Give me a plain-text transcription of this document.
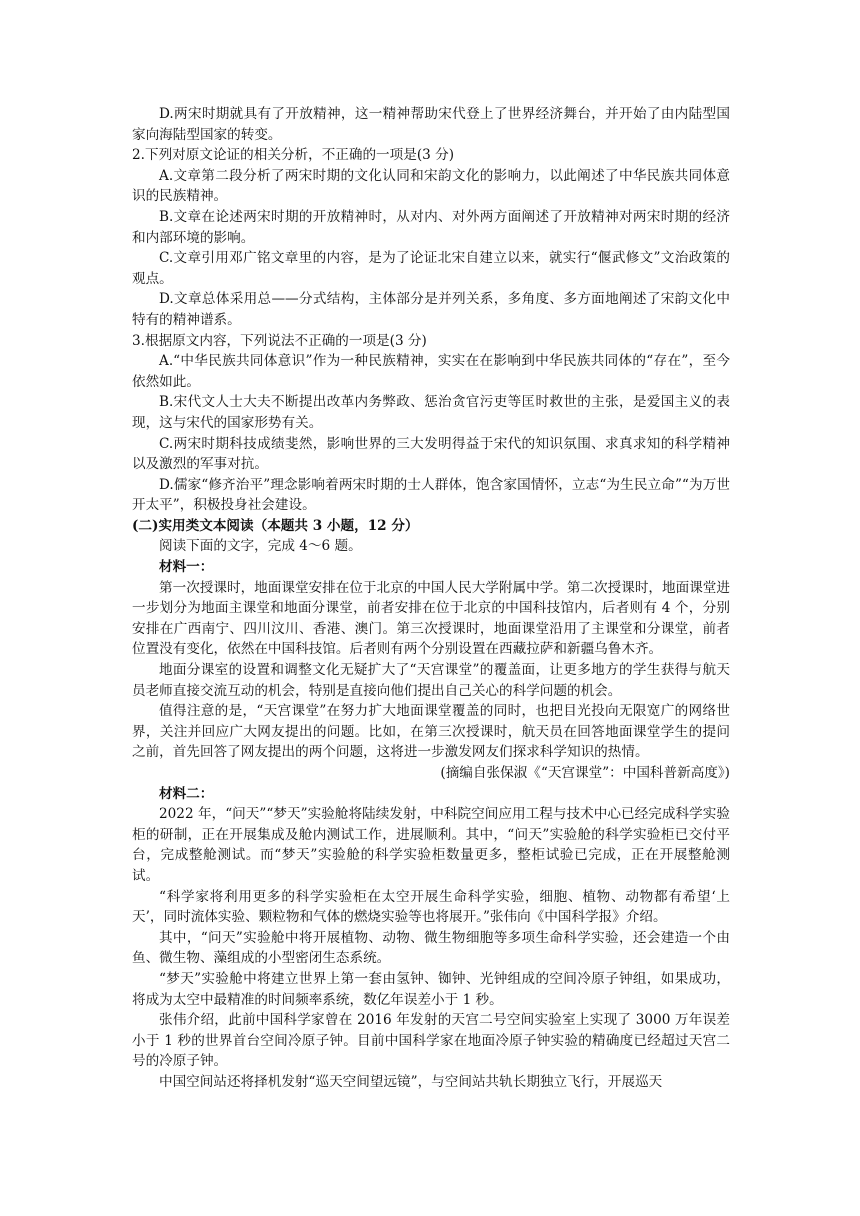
D.两宋时期就具有了开放精神，这一精神帮助宋代登上了世界经济舞台，并开始了由内陆型国家向海陆型国家的转变。

2.下列对原文论证的相关分析，不正确的一项是(3 分)

A.文章第二段分析了两宋时期的文化认同和宋韵文化的影响力，以此阐述了中华民族共同体意识的民族精神。

B.文章在论述两宋时期的开放精神时，从对内、对外两方面阐述了开放精神对两宋时期的经济和内部环境的影响。

C.文章引用邓广铭文章里的内容，是为了论证北宋自建立以来，就实行“偃武修文”文治政策的观点。

D.文章总体采用总——分式结构，主体部分是并列关系，多角度、多方面地阐述了宋韵文化中特有的精神谱系。

3.根据原文内容，下列说法不正确的一项是(3 分)

A.“中华民族共同体意识”作为一种民族精神，实实在在影响到中华民族共同体的“存在”，至今依然如此。

B.宋代文人士大夫不断提出改革内务弊政、惩治贪官污吏等匡时救世的主张，是爱国主义的表现，这与宋代的国家形势有关。

C.两宋时期科技成绩斐然，影响世界的三大发明得益于宋代的知识氛围、求真求知的科学精神以及激烈的军事对抗。

D.儒家“修齐治平”理念影响着两宋时期的士人群体，饱含家国情怀，立志“为生民立命”“为万世开太平”，积极投身社会建设。

(二)实用类文本阅读（本题共 3 小题，12 分）

阅读下面的文字，完成 4～6 题。

材料一：

第一次授课时，地面课堂安排在位于北京的中国人民大学附属中学。第二次授课时，地面课堂进一步划分为地面主课堂和地面分课堂，前者安排在位于北京的中国科技馆内，后者则有 4 个，分别安排在广西南宁、四川汶川、香港、澳门。第三次授课时，地面课堂沿用了主课堂和分课堂，前者位置没有变化，依然在中国科技馆。后者则有两个分别设置在西藏拉萨和新疆乌鲁木齐。

地面分课室的设置和调整文化无疑扩大了“天宫课堂”的覆盖面，让更多地方的学生获得与航天员老师直接交流互动的机会，特别是直接向他们提出自己关心的科学问题的机会。

值得注意的是，“天宫课堂”在努力扩大地面课堂覆盖的同时，也把目光投向无限宽广的网络世界，关注并回应广大网友提出的问题。比如，在第三次授课时，航天员在回答地面课堂学生的提问之前，首先回答了网友提出的两个问题，这将进一步激发网友们探求科学知识的热情。

(摘编自张保淑《“天宫课堂”：中国科普新高度》)

材料二：

2022 年，“问天”“梦天”实验舱将陆续发射，中科院空间应用工程与技术中心已经完成科学实验柜的研制，正在开展集成及舱内测试工作，进展顺利。其中，“问天”实验舱的科学实验柜已交付平台，完成整舱测试。而“梦天”实验舱的科学实验柜数量更多，整柜试验已完成，正在开展整舱测试。

“科学家将利用更多的科学实验柜在太空开展生命科学实验，细胞、植物、动物都有希望‘上天’，同时流体实验、颗粒物和气体的燃烧实验等也将展开。”张伟向《中国科学报》介绍。

其中，“问天”实验舱中将开展植物、动物、微生物细胞等多项生命科学实验，还会建造一个由鱼、微生物、藻组成的小型密闭生态系统。

“梦天”实验舱中将建立世界上第一套由氢钟、铷钟、光钟组成的空间冷原子钟组，如果成功，将成为太空中最精准的时间频率系统，数亿年误差小于 1 秒。

张伟介绍，此前中国科学家曾在 2016 年发射的天宫二号空间实验室上实现了 3000 万年误差小于 1 秒的世界首台空间冷原子钟。目前中国科学家在地面冷原子钟实验的精确度已经超过天宫二号的冷原子钟。

中国空间站还将择机发射“巡天空间望远镜”，与空间站共轨长期独立飞行，开展巡天
